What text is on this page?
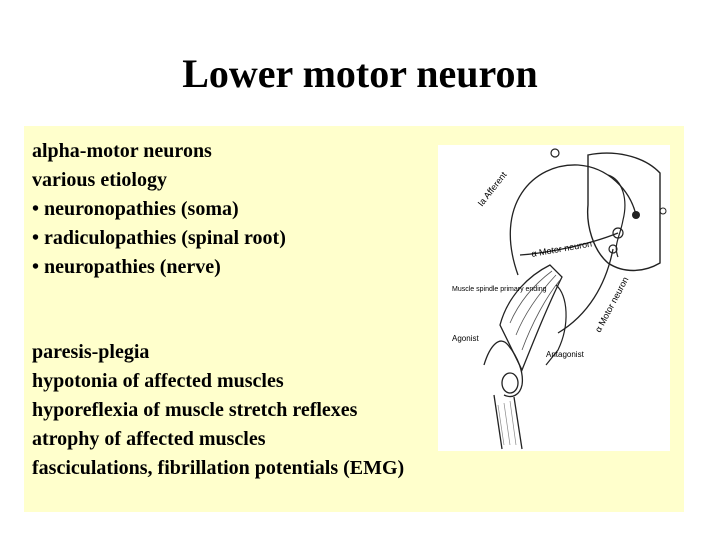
Lower motor neuron
alpha-motor neurons
various etiology
• neuronopathies (soma)
• radiculopathies (spinal root)
• neuropathies (nerve)
Ia Afferent
α Motor neuron
α Motor neuron
Muscle spindle primary ending
Agonist
Antagonist
paresis-plegia
hypotonia of affected muscles
hyporeflexia of muscle stretch reflexes
atrophy of affected muscles
fasciculations, fibrillation potentials (EMG)
